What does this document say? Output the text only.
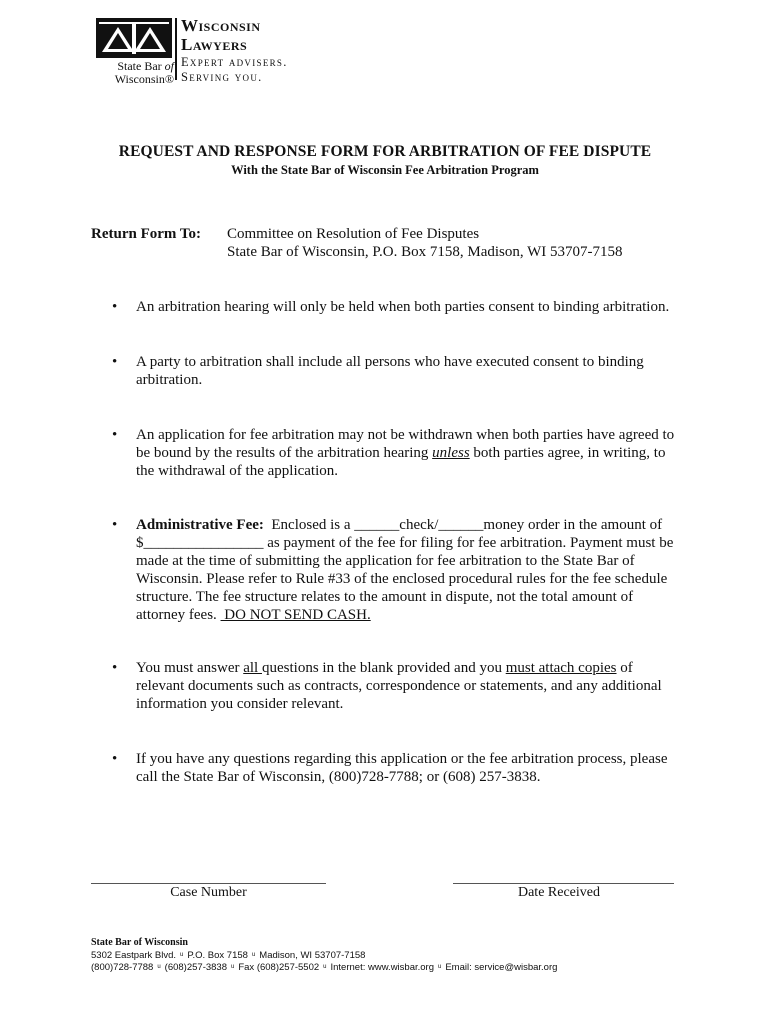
State Bar of
Wisconsin®
Wisconsin
Lawyers
Expert advisers.
Serving you.
REQUEST AND RESPONSE FORM FOR ARBITRATION OF FEE DISPUTE
With the State Bar of Wisconsin Fee Arbitration Program
Return Form To: Committee on Resolution of Fee Disputes
State Bar of Wisconsin, P.O. Box 7158, Madison, WI 53707-7158
• An arbitration hearing will only be held when both parties consent to binding arbitration.
• A party to arbitration shall include all persons who have executed consent to binding
arbitration.
• An application for fee arbitration may not be withdrawn when both parties have agreed to
be bound by the results of the arbitration hearing unless both parties agree, in writing, to
the withdrawal of the application.
• Administrative Fee:  Enclosed is a ______check/______money order in the amount of
$________________ as payment of the fee for filing for fee arbitration. Payment must be
made at the time of submitting the application for fee arbitration to the State Bar of
Wisconsin. Please refer to Rule #33 of the enclosed procedural rules for the fee schedule
structure. The fee structure relates to the amount in dispute, not the total amount of
attorney fees.  DO NOT SEND CASH.
• You must answer all questions in the blank provided and you must attach copies of
relevant documents such as contracts, correspondence or statements, and any additional
information you consider relevant.
• If you have any questions regarding this application or the fee arbitration process, please
call the State Bar of Wisconsin, (800)728-7788; or (608) 257-3838.
Case Number	Date Received
State Bar of Wisconsin
5302 Eastpark Blvd. u P.O. Box 7158 u Madison, WI 53707-7158
(800)728-7788 u (608)257-3838 u Fax (608)257-5502 u Internet: www.wisbar.org u Email: service@wisbar.org
